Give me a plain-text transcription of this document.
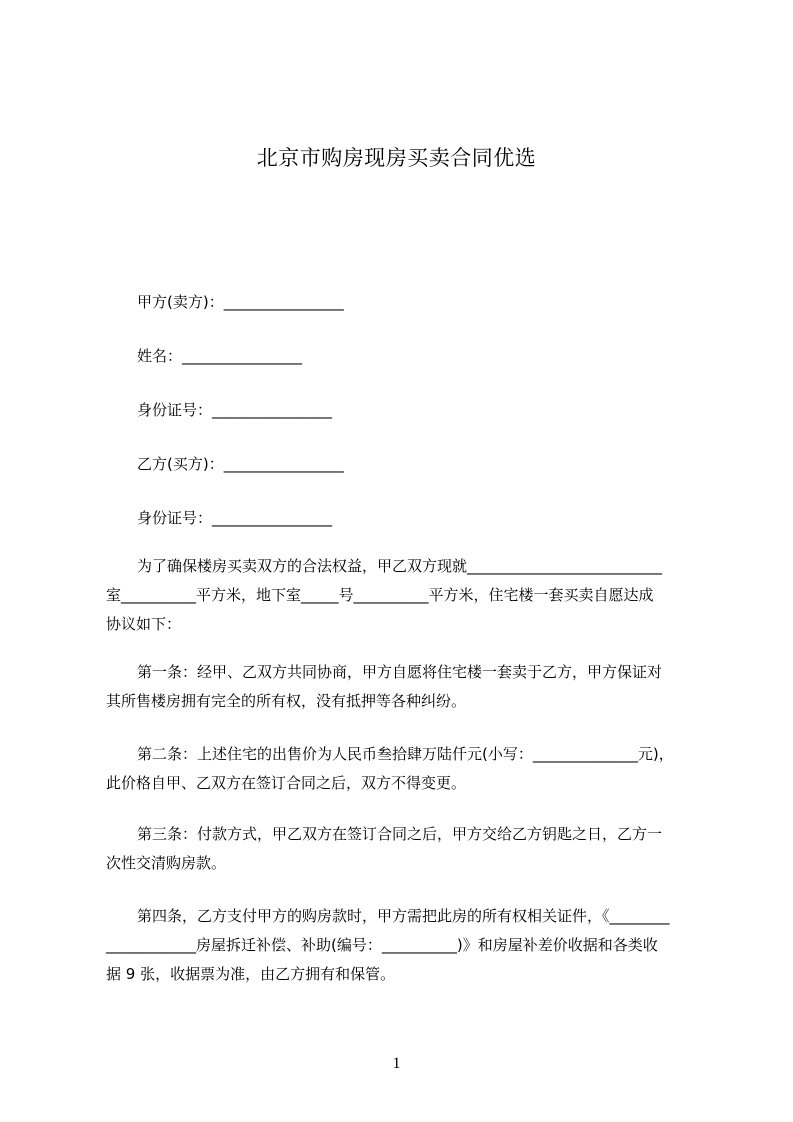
北京市购房现房买卖合同优选
甲方(卖方)：________________
姓名：________________
身份证号：________________
乙方(买方)：________________
身份证号：________________

为了确保楼房买卖双方的合法权益，甲乙双方现就__________________________

室__________平方米，地下室_____号__________平方米，住宅楼一套买卖自愿达成

协议如下：

第一条：经甲、乙双方共同协商，甲方自愿将住宅楼一套卖于乙方，甲方保证对

其所售楼房拥有完全的所有权，没有抵押等各种纠纷。

第二条：上述住宅的出售价为人民币叁拾肆万陆仟元(小写：______________元)，

此价格自甲、乙双方在签订合同之后，双方不得变更。

第三条：付款方式，甲乙双方在签订合同之后，甲方交给乙方钥匙之日，乙方一

次性交清购房款。

第四条，乙方支付甲方的购房款时，甲方需把此房的所有权相关证件，《________

____________房屋拆迁补偿、补助(编号：__________)》和房屋补差价收据和各类收

据 9 张，收据票为准，由乙方拥有和保管。

1
